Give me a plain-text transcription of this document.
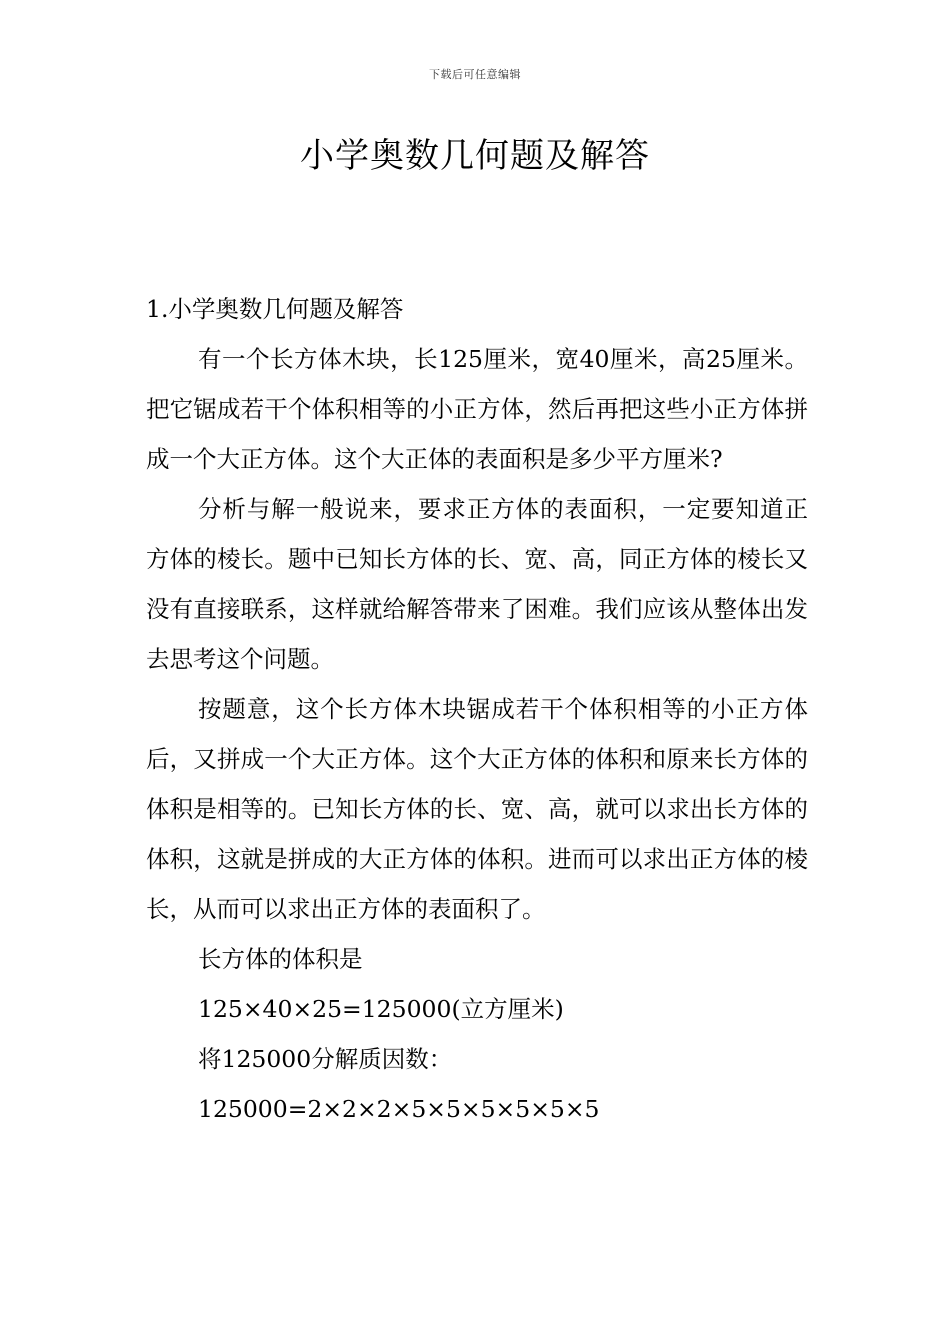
下载后可任意编辑
小学奥数几何题及解答

1.小学奥数几何题及解答

有一个长方体木块，长125厘米，宽40厘米，高25厘米。把它锯成若干个体积相等的小正方体，然后再把这些小正方体拼成一个大正方体。这个大正体的表面积是多少平方厘米?

分析与解一般说来，要求正方体的表面积，一定要知道正方体的棱长。题中已知长方体的长、宽、高，同正方体的棱长又没有直接联系，这样就给解答带来了困难。我们应该从整体出发去思考这个问题。

按题意，这个长方体木块锯成若干个体积相等的小正方体后，又拼成一个大正方体。这个大正方体的体积和原来长方体的体积是相等的。已知长方体的长、宽、高，就可以求出长方体的体积，这就是拼成的大正方体的体积。进而可以求出正方体的棱长，从而可以求出正方体的表面积了。

长方体的体积是

125×40×25=125000(立方厘米)

将125000分解质因数：

125000=2×2×2×5×5×5×5×5×5
